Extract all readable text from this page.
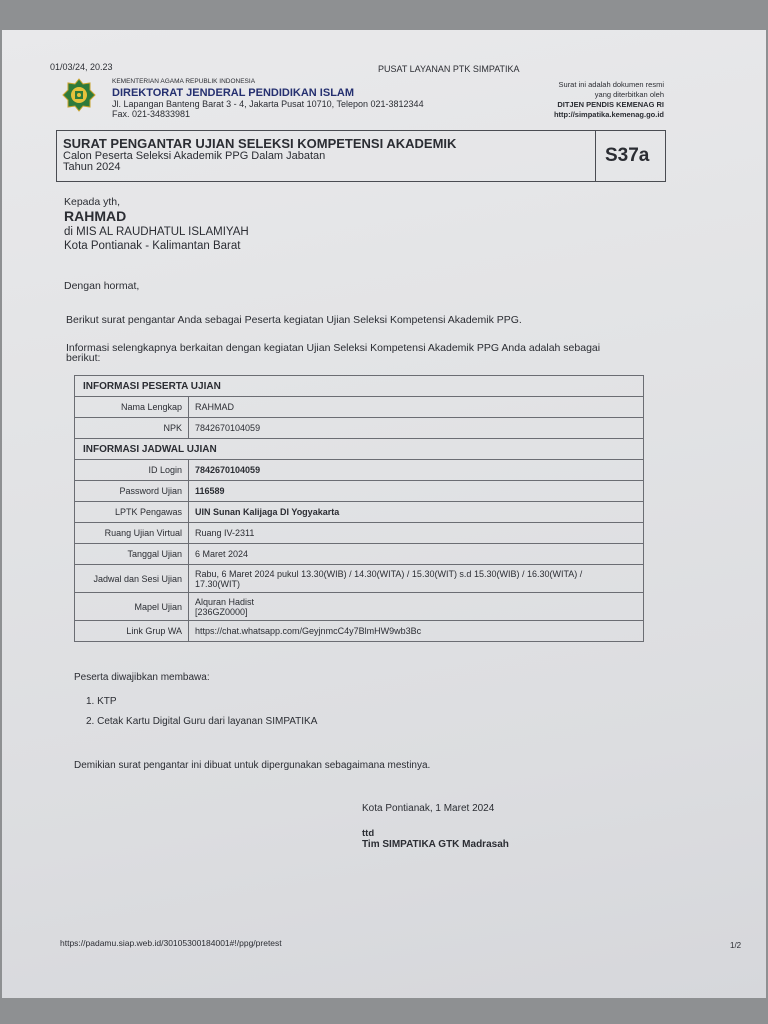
01/03/24, 20.23	PUSAT LAYANAN PTK SIMPATIKA
KEMENTERIAN AGAMA REPUBLIK INDONESIA
DIREKTORAT JENDERAL PENDIDIKAN ISLAM
Jl. Lapangan Banteng Barat 3 - 4, Jakarta Pusat 10710, Telepon 021-3812344
Fax. 021-34833981
Surat ini adalah dokumen resmi
yang diterbitkan oleh
DITJEN PENDIS KEMENAG RI
http://simpatika.kemenag.go.id
SURAT PENGANTAR UJIAN SELEKSI KOMPETENSI AKADEMIK
Calon Peserta Seleksi Akademik PPG Dalam Jabatan
Tahun 2024
S37a
Kepada yth,
RAHMAD
di MIS AL RAUDHATUL ISLAMIYAH
Kota Pontianak - Kalimantan Barat
Dengan hormat,
Berikut surat pengantar Anda sebagai Peserta kegiatan Ujian Seleksi Kompetensi Akademik PPG.
Informasi selengkapnya berkaitan dengan kegiatan Ujian Seleksi Kompetensi Akademik PPG Anda adalah sebagai
berikut:
INFORMASI PESERTA UJIAN	
Nama Lengkap	RAHMAD
NPK	7842670104059
INFORMASI JADWAL UJIAN	
ID Login	7842670104059
Password Ujian	116589
LPTK Pengawas	UIN Sunan Kalijaga DI Yogyakarta
Ruang Ujian Virtual	Ruang IV-2311
Tanggal Ujian	6 Maret 2024
Jadwal dan Sesi Ujian	Rabu, 6 Maret 2024 pukul 13.30(WIB) / 14.30(WITA) / 15.30(WIT) s.d 15.30(WIB) / 16.30(WITA) /
17.30(WIT)

Mapel Ujian	Alquran Hadist
[236GZ0000]

Link Grup WA	https://chat.whatsapp.com/GeyjnmcC4y7BlmHW9wb3Bc
Peserta diwajibkan membawa:
1. KTP
2. Cetak Kartu Digital Guru dari layanan SIMPATIKA
Demikian surat pengantar ini dibuat untuk dipergunakan sebagaimana mestinya.
Kota Pontianak, 1 Maret 2024
ttd
Tim SIMPATIKA GTK Madrasah
https://padamu.siap.web.id/30105300184001#!/ppg/pretest	1/2
